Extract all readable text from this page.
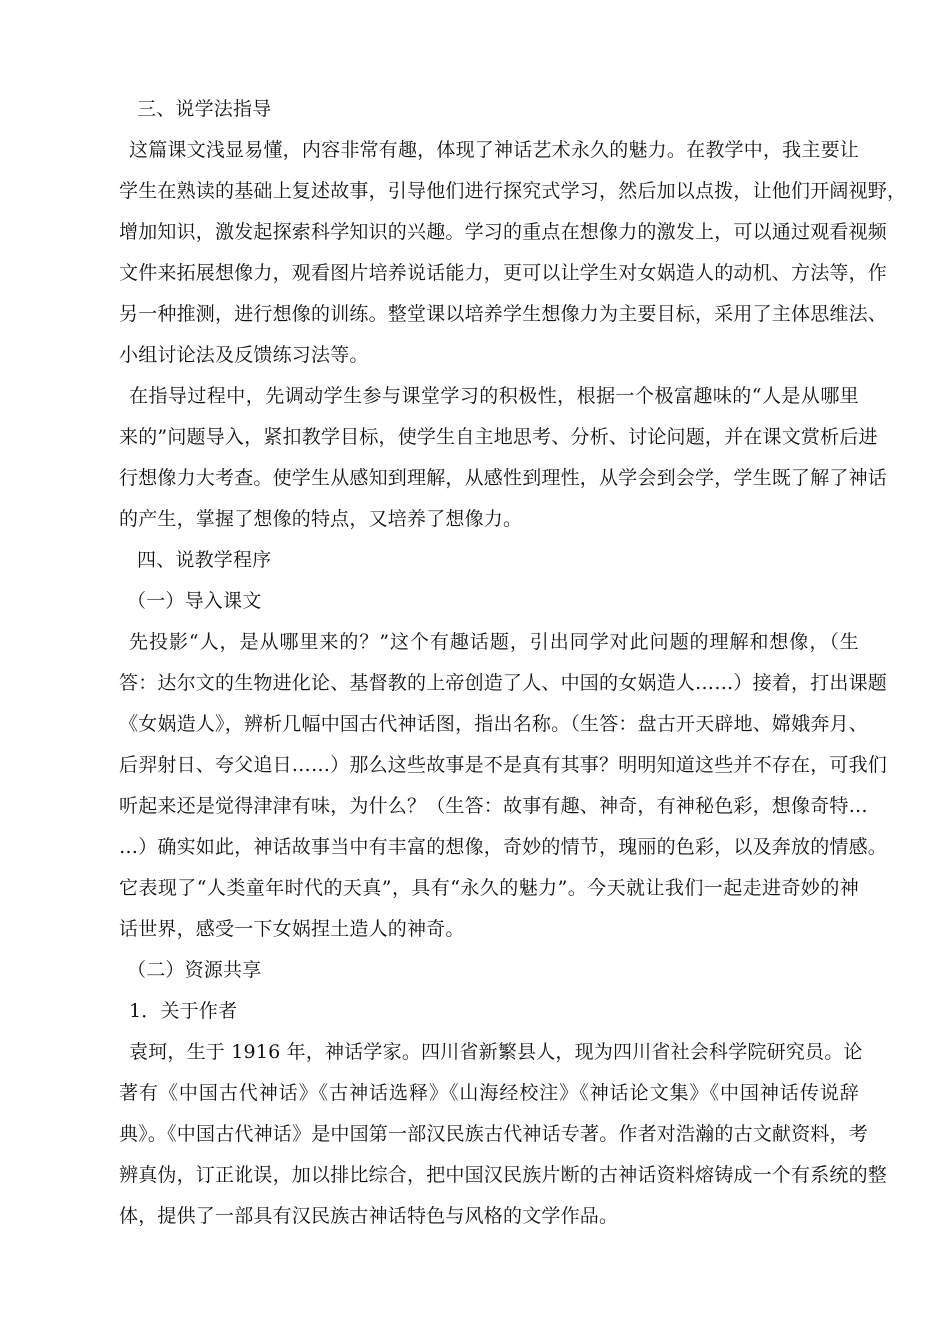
三、说学法指导
这篇课文浅显易懂，内容非常有趣，体现了神话艺术永久的魅力。在教学中，我主要让
学生在熟读的基础上复述故事，引导他们进行探究式学习，然后加以点拨，让他们开阔视野，
增加知识，激发起探索科学知识的兴趣。学习的重点在想像力的激发上，可以通过观看视频
文件来拓展想像力，观看图片培养说话能力，更可以让学生对女娲造人的动机、方法等，作
另一种推测，进行想像的训练。整堂课以培养学生想像力为主要目标，采用了主体思维法、
小组讨论法及反馈练习法等。
在指导过程中，先调动学生参与课堂学习的积极性，根据一个极富趣味的“人是从哪里
来的”问题导入，紧扣教学目标，使学生自主地思考、分析、讨论问题，并在课文赏析后进
行想像力大考查。使学生从感知到理解，从感性到理性，从学会到会学，学生既了解了神话
的产生，掌握了想像的特点，又培养了想像力。
四、说教学程序
（一）导入课文
先投影“人，是从哪里来的？”这个有趣话题，引出同学对此问题的理解和想像，（生
答：达尔文的生物进化论、基督教的上帝创造了人、中国的女娲造人……）接着，打出课题
《女娲造人》，辨析几幅中国古代神话图，指出名称。（生答：盘古开天辟地、嫦娥奔月、
后羿射日、夸父追日……）那么这些故事是不是真有其事？明明知道这些并不存在，可我们
听起来还是觉得津津有味，为什么？（生答：故事有趣、神奇，有神秘色彩，想像奇特…
…）确实如此，神话故事当中有丰富的想像，奇妙的情节，瑰丽的色彩，以及奔放的情感。
它表现了“人类童年时代的天真”，具有“永久的魅力”。今天就让我们一起走进奇妙的神
话世界，感受一下女娲捏土造人的神奇。
（二）资源共享
1．关于作者
袁珂，生于 1916 年，神话学家。四川省新繁县人，现为四川省社会科学院研究员。论
著有《中国古代神话》《古神话选释》《山海经校注》《神话论文集》《中国神话传说辞
典》。《中国古代神话》是中国第一部汉民族古代神话专著。作者对浩瀚的古文献资料，考
辨真伪，订正讹误，加以排比综合，把中国汉民族片断的古神话资料熔铸成一个有系统的整
体，提供了一部具有汉民族古神话特色与风格的文学作品。
